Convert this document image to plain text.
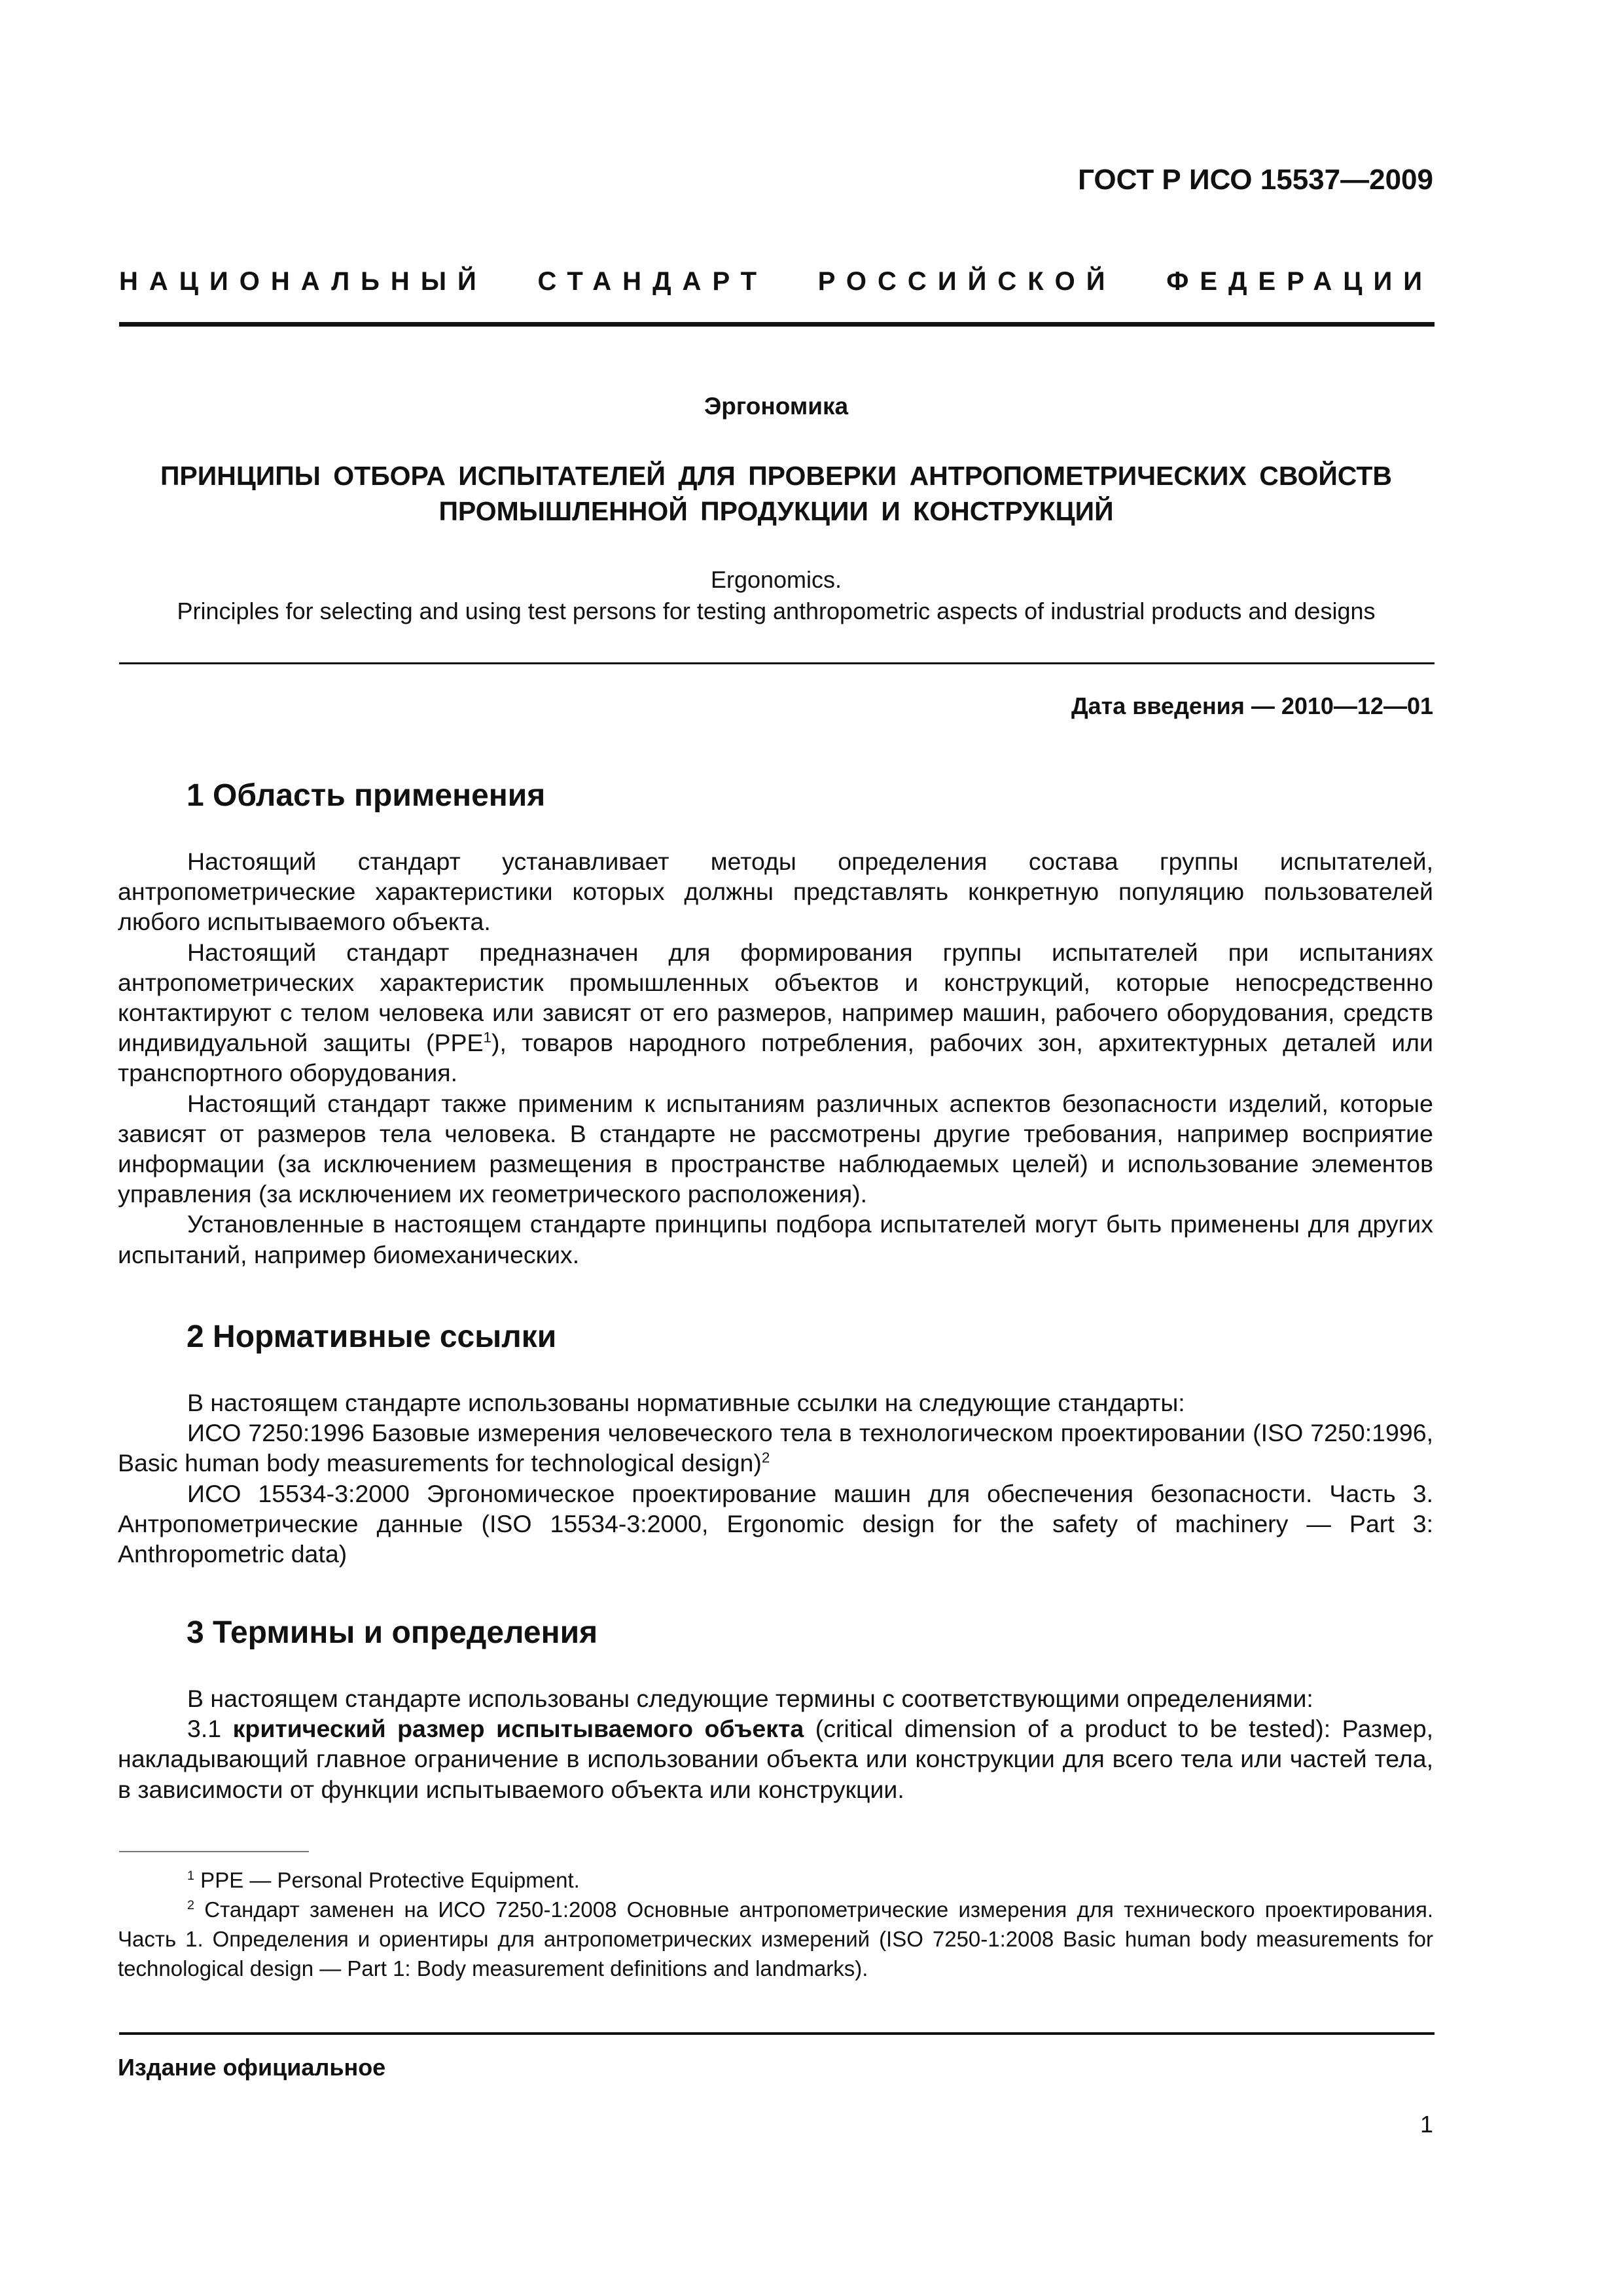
ГОСТ Р ИСО 15537—2009
НАЦИОНАЛЬНЫЙ СТАНДАРТ РОССИЙСКОЙ ФЕДЕРАЦИИ
Эргономика
ПРИНЦИПЫ ОТБОРА ИСПЫТАТЕЛЕЙ ДЛЯ ПРОВЕРКИ АНТРОПОМЕТРИЧЕСКИХ СВОЙСТВ
ПРОМЫШЛЕННОЙ ПРОДУКЦИИ И КОНСТРУКЦИЙ
Ergonomics.
Principles for selecting and using test persons for testing anthropometric aspects of industrial products and designs
Дата введения — 2010—12—01
1 Область применения

Настоящий стандарт устанавливает методы определения состава группы испытателей, антропометрические характеристики которых должны представлять конкретную популяцию пользователей любого испытываемого объекта.

Настоящий стандарт предназначен для формирования группы испытателей при испытаниях антропометрических характеристик промышленных объектов и конструкций, которые непосредственно контактируют с телом человека или зависят от его размеров, например машин, рабочего оборудования, средств индивидуальной защиты (PPE$^1$), товаров народного потребления, рабочих зон, архитектурных деталей или транспортного оборудования.

Настоящий стандарт также применим к испытаниям различных аспектов безопасности изделий, которые зависят от размеров тела человека. В стандарте не рассмотрены другие требования, например восприятие информации (за исключением размещения в пространстве наблюдаемых целей) и использование элементов управления (за исключением их геометрического расположения).

Установленные в настоящем стандарте принципы подбора испытателей могут быть применены для других испытаний, например биомеханических.

2 Нормативные ссылки

В настоящем стандарте использованы нормативные ссылки на следующие стандарты:

ИСО 7250:1996 Базовые измерения человеческого тела в технологическом проектировании (ISO 7250:1996, Basic human body measurements for technological design)$^2$

ИСО 15534-3:2000 Эргономическое проектирование машин для обеспечения безопасности. Часть 3. Антропометрические данные (ISO 15534-3:2000, Ergonomic design for the safety of machinery — Part 3: Anthropometric data)

3 Термины и определения

В настоящем стандарте использованы следующие термины с соответствующими определениями:

3.1 критический размер испытываемого объекта (critical dimension of a product to be tested): Размер, накладывающий главное ограничение в использовании объекта или конструкции для всего тела или частей тела, в зависимости от функции испытываемого объекта или конструкции.

$^1$ PPE — Personal Protective Equipment.

$^2$ Стандарт заменен на ИСО 7250-1:2008 Основные антропометрические измерения для технического проектирования. Часть 1. Определения и ориентиры для антропометрических измерений (ISO 7250-1:2008 Basic human body measurements for technological design — Part 1: Body measurement definitions and landmarks).

Издание официальное
1
